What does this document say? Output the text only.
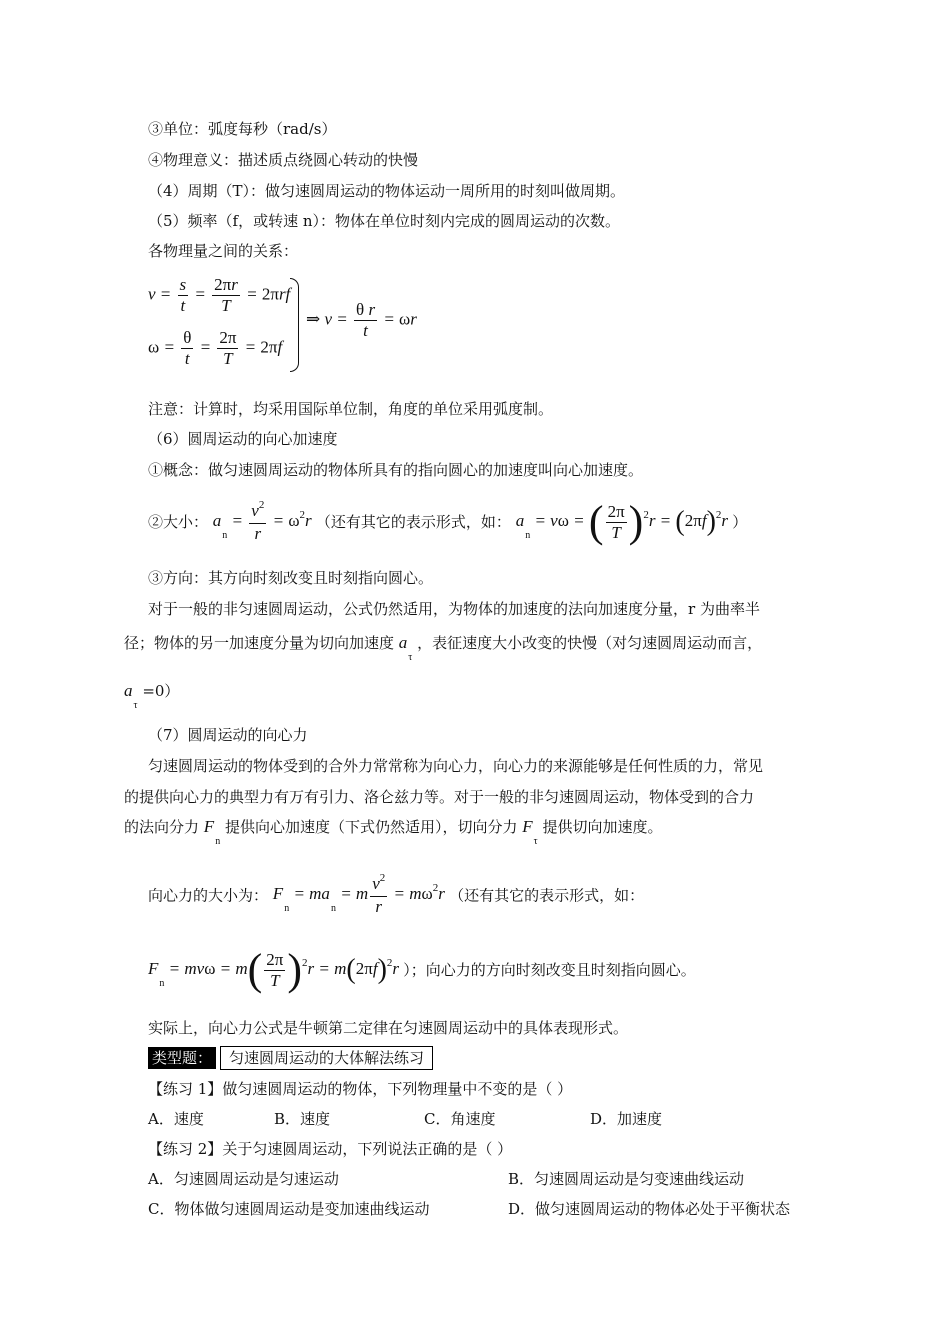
③单位：弧度每秒（rad/s）
④物理意义：描述质点绕圆心转动的快慢
（4）周期（T）：做匀速圆周运动的物体运动一周所用的时刻叫做周期。
（5）频率（f，或转速 n）：物体在单位时刻内完成的圆周运动的次数。
各物理量之间的关系：
$v = \frac{s}{t} = \frac{2\pi r}{T} = 2\pi rf$
$\omega = \frac{\theta}{t} = \frac{2\pi}{T} = 2\pi f$
⇒ $v = \frac{\text{θ r}}{t} = \omega r$
注意：计算时，均采用国际单位制，角度的单位采用弧度制。
（6）圆周运动的向心加速度
①概念：做匀速圆周运动的物体所具有的指向圆心的加速度叫向心加速度。
②大小： $a_n = \frac{v^2}{r} = \omega^2r$ （还有其它的表示形式，如： $a_n = v\omega$ = ( $\frac{2\pi}{T} )^2r = (2\pi f)^2r$ ）
③方向：其方向时刻改变且时刻指向圆心。
对于一般的非匀速圆周运动，公式仍然适用，为物体的加速度的法向加速度分量，r 为曲率半
径；物体的另一加速度分量为切向加速度 $a_\tau$ ，表征速度大小改变的快慢（对匀速圆周运动而言，
$a_\tau =0$）
（7）圆周运动的向心力
匀速圆周运动的物体受到的合外力常常称为向心力，向心力的来源能够是任何性质的力，常见
的提供向心力的典型力有万有引力、洛仑兹力等。对于一般的非匀速圆周运动，物体受到的合力
的法向分力 $F_n$ 提供向心加速度（下式仍然适用），切向分力 $F_\tau$ 提供切向加速度。
向心力的大小为： $F_n = ma_n = m \frac{v^2}{r} = m\omega^2r$ （还有其它的表示形式，如：
$F_n = mv\omega = m( \frac{2\pi}{T} )^2r = m(2\pi f)^2r$ ）；向心力的方向时刻改变且时刻指向圆心。
实际上，向心力公式是牛顿第二定律在匀速圆周运动中的具体表现形式。
类型题： 匀速圆周运动的大体解法练习
【练习 1】做匀速圆周运动的物体，下列物理量中不变的是（ ）
A．速度	B．速度	C．角速度	D．加速度
【练习 2】关于匀速圆周运动，下列说法正确的是（ ）
A．匀速圆周运动是匀速运动	B．匀速圆周运动是匀变速曲线运动
C．物体做匀速圆周运动是变加速曲线运动	D．做匀速圆周运动的物体必处于平衡状态
